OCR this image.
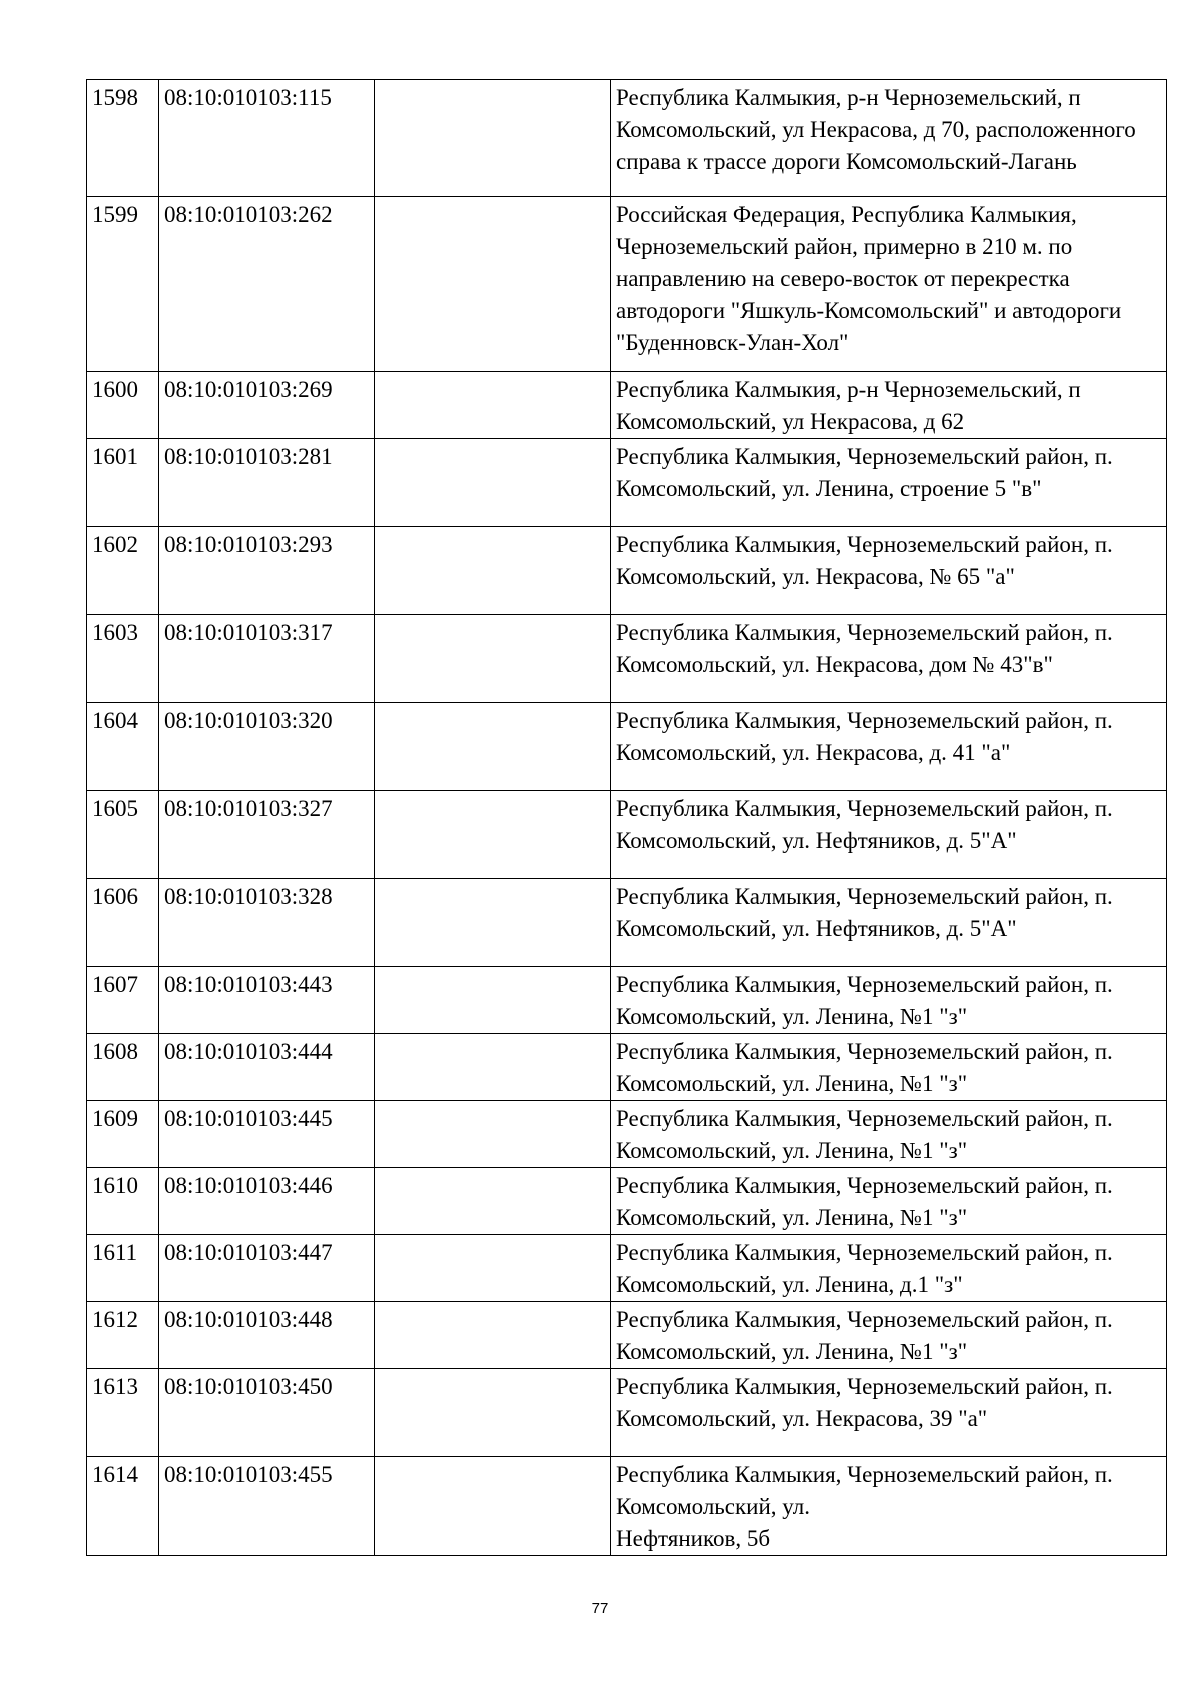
1598	08:10:010103:115		Республика Калмыкия, р-н Черноземельский, п Комсомольский, ул Некрасова, д 70, расположенного справа к трассе дороги Комсомольский-Лагань
1599	08:10:010103:262		Российская Федерация, Республика Калмыкия, Черноземельский район, примерно в 210 м. по направлению на северо-восток от перекрестка автодороги "Яшкуль-Комсомольский" и автодороги "Буденновск-Улан-Хол"
1600	08:10:010103:269		Республика Калмыкия, р-н Черноземельский, п Комсомольский, ул Некрасова, д 62
1601	08:10:010103:281		Республика Калмыкия, Черноземельский район, п. Комсомольский, ул. Ленина, строение 5 "в"
1602	08:10:010103:293		Республика Калмыкия, Черноземельский район, п. Комсомольский, ул. Некрасова, № 65 "а"
1603	08:10:010103:317		Республика Калмыкия, Черноземельский район, п. Комсомольский, ул. Некрасова, дом № 43"в"
1604	08:10:010103:320		Республика Калмыкия, Черноземельский район, п. Комсомольский, ул. Некрасова, д. 41 "а"
1605	08:10:010103:327		Республика Калмыкия, Черноземельский район, п. Комсомольский, ул. Нефтяников, д. 5"А"
1606	08:10:010103:328		Республика Калмыкия, Черноземельский район, п. Комсомольский, ул. Нефтяников, д. 5"А"
1607	08:10:010103:443		Республика Калмыкия, Черноземельский район, п. Комсомольский, ул. Ленина, №1 "з"
1608	08:10:010103:444		Республика Калмыкия, Черноземельский район, п. Комсомольский, ул. Ленина, №1 "з"
1609	08:10:010103:445		Республика Калмыкия, Черноземельский район, п. Комсомольский, ул. Ленина, №1 "з"
1610	08:10:010103:446		Республика Калмыкия, Черноземельский район, п. Комсомольский, ул. Ленина, №1 "з"
1611	08:10:010103:447		Республика Калмыкия, Черноземельский район, п. Комсомольский, ул. Ленина, д.1 "з"
1612	08:10:010103:448		Республика Калмыкия, Черноземельский район, п. Комсомольский, ул. Ленина, №1 "з"
1613	08:10:010103:450		Республика Калмыкия, Черноземельский район, п. Комсомольский, ул. Некрасова, 39 "а"
1614	08:10:010103:455		Республика Калмыкия, Черноземельский район, п. Комсомольский, ул.
Нефтяников, 5б
77
